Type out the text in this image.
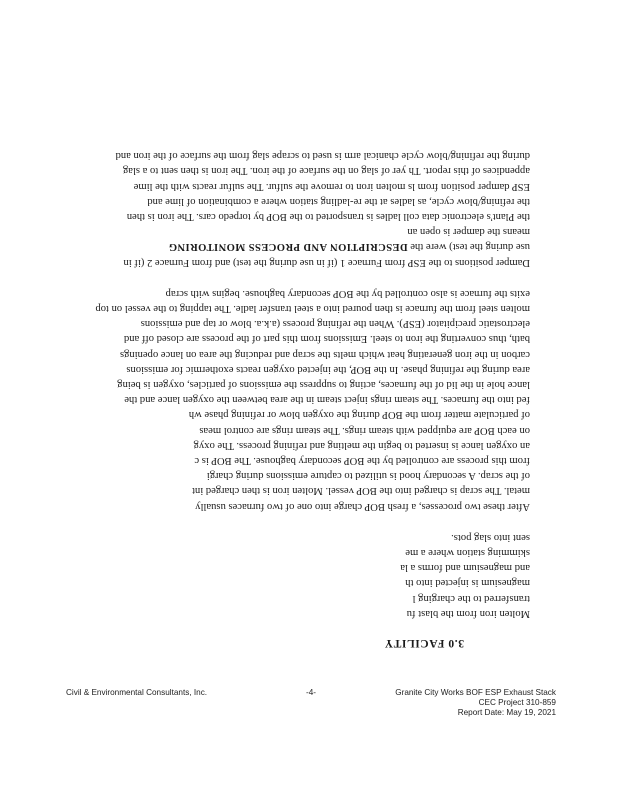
3.0 FACILITY
Molten iron from the blast fu
transferred to the charging l
magnesium is injected into th
and magnesium and forms a la
skimming station where a me
sent into slag pots.
After these two processes, a fresh BOP charge into one of two furnaces usually
metal. The scrap is charged into the BOP vessel. Molten iron is then charged int
of the scrap. A secondary hood is utilized to capture emissions during chargi
from this process are controlled by the BOP secondary baghouse. The BOP is c
an oxygen lance is inserted to begin the melting and refining process. The oxyg
on each BOP are equipped with steam rings. The steam rings are control meas
of particulate matter from the BOP during the oxygen blow or refining phase wh
fed into the furnaces. The steam rings inject steam in the area between the oxygen lance and the
lance hole in the lid of the furnaces, acting to suppress the emissions of particles, oxygen is being
area during the refining phase. In the BOP, the injected oxygen reacts exothermic for emissions
carbon in the iron generating heat which melts the scrap and reducing the area on lance openings
bath, thus converting the iron to steel. Emissions from this part of the process are closed off and
electrostatic precipitator (ESP). When the refining process (a.k.a. blow or tap and emissions
molten steel from the furnace is then poured into a steel transfer ladle. The tapping to the vessel on top
exits the furnace is also controlled by the BOP secondary baghouse. begins with scrap
Damper positions to the ESP from Furnace 1 (if in use during the test) and from Furnace 2 (if in
use during the test) were the DESCRIPTION AND PROCESS MONITORING
means the damper is open an
the Plant's electronic data coll ladles is transported to the BOP by torpedo cars. The iron is then
the refining/blow cycle, as ladles at the re-ladling station where a combination of lime and
ESP damper position from ls molten iron to remove the sulfur. The sulfur reacts with the lime
appendices of this report. Th yer of slag on the surface of the iron. The iron is then sent to a slag
during the refining/blow cycle chanical arm is used to scrape slag from the surface of the iron and
Civil & Environmental Consultants, Inc.	-4-	Granite City Works BOF ESP Exhaust Stack
CEC Project 310-859
Report Date: May 19, 2021
